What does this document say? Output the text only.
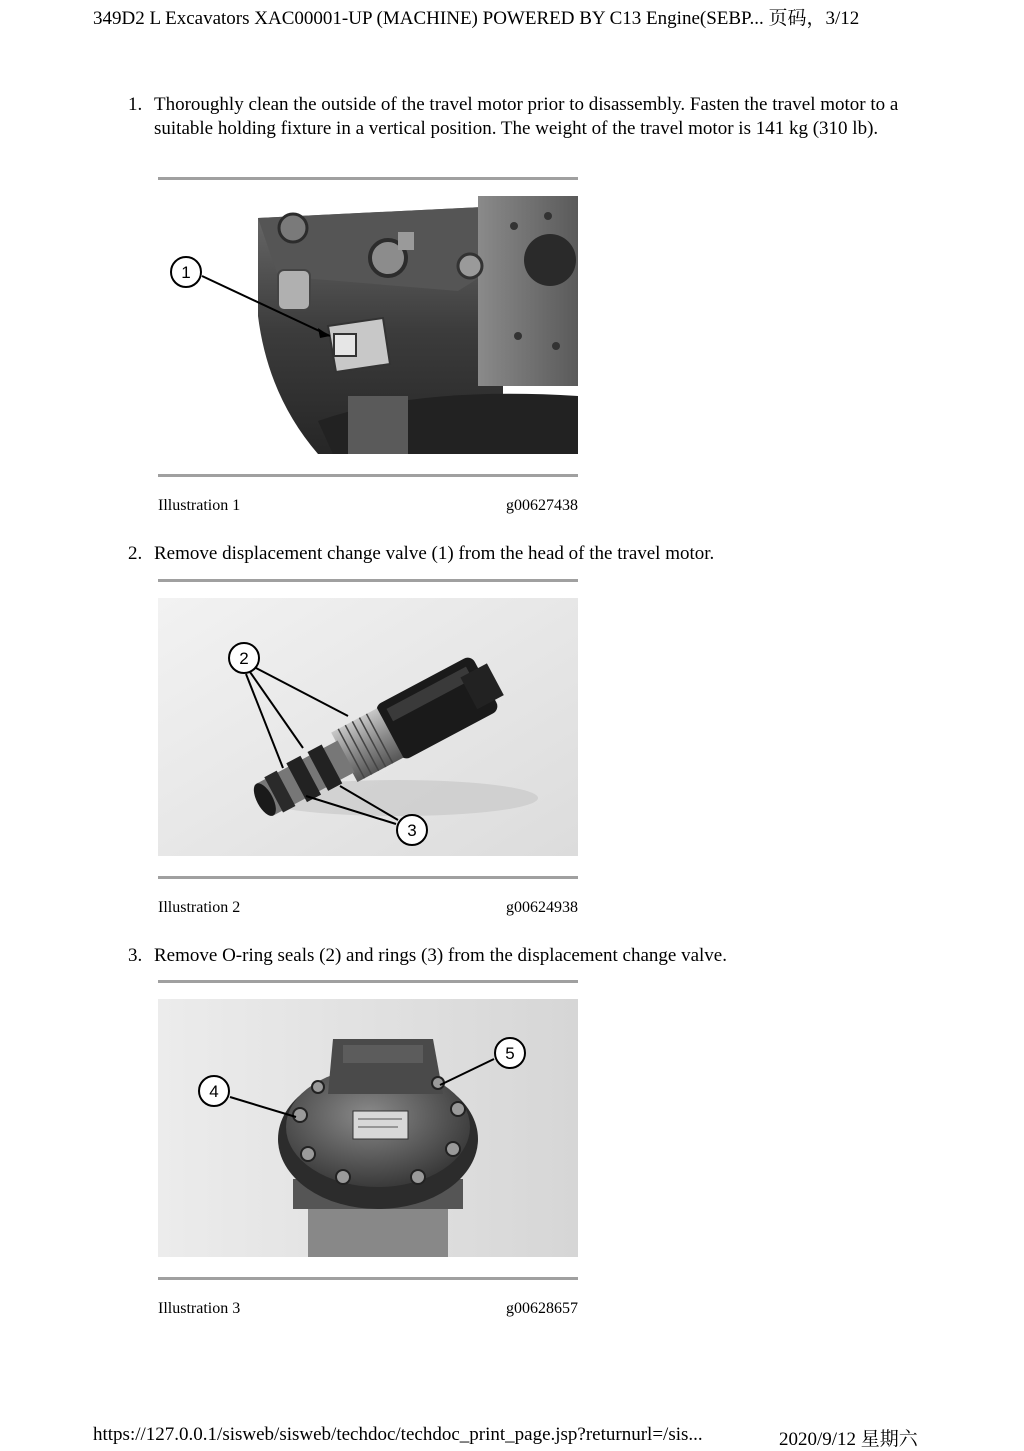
349D2 L Excavators XAC00001-UP (MACHINE) POWERED BY C13 Engine(SEBP... 页码，3/12
1. Thoroughly clean the outside of the travel motor prior to disassembly. Fasten the travel motor to a suitable holding fixture in a vertical position. The weight of the travel motor is 141 kg (310 lb).
1
Illustration 1	g00627438
2. Remove displacement change valve (1) from the head of the travel motor.
2
3
Illustration 2	g00624938
3. Remove O-ring seals (2) and rings (3) from the displacement change valve.
4
5
Illustration 3	g00628657
https://127.0.0.1/sisweb/sisweb/techdoc/techdoc_print_page.jsp?returnurl=/sis...	2020/9/12 星期六
